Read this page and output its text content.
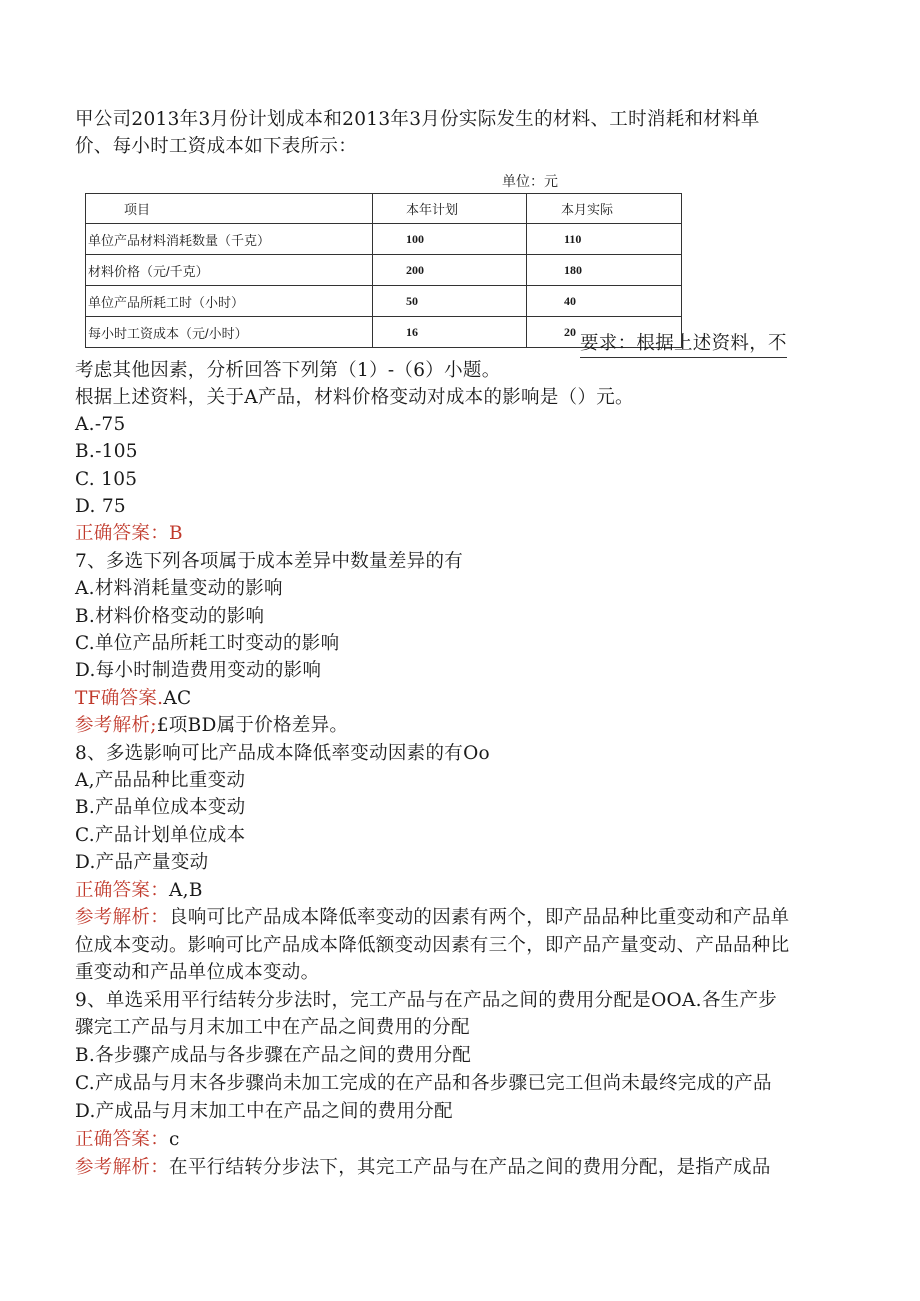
甲公司2013年3月份计划成本和2013年3月份实际发生的材料、工时消耗和材料单
价、每小时工资成本如下表所示：
单位：元
项目	本年计划	本月实际
单位产品材料消耗数量（千克）	100	110
材料价格（元/千克）	200	180
单位产品所耗工时（小时）	50	40
每小时工资成本（元/小时）	16	20
要求：根据上述资料，不
考虑其他因素，分析回答下列第（1）-（6）小题。
根据上述资料，关于A产品，材料价格变动对成本的影响是（）元。
A.-75
B.-105
C. 105
D. 75
正确答案：B
7、多选下列各项属于成本差异中数量差异的有
A.材料消耗量变动的影响
B.材料价格变动的影响
C.单位产品所耗工时变动的影响
D.每小时制造费用变动的影响
TF确答案.AC
参考解析;£项BD属于价格差异。
8、多选影响可比产品成本降低率变动因素的有Oo
A,产品品种比重变动
B.产品单位成本变动
C.产品计划单位成本
D.产品产量变动
正确答案：A,B
参考解析：良响可比产品成本降低率变动的因素有两个，即产品品种比重变动和产品单
位成本变动。影响可比产品成本降低额变动因素有三个，即产品产量变动、产品品种比
重变动和产品单位成本变动。
9、单选采用平行结转分步法时，完工产品与在产品之间的费用分配是OOA.各生产步
骤完工产品与月末加工中在产品之间费用的分配
B.各步骤产成品与各步骤在产品之间的费用分配
C.产成品与月末各步骤尚未加工完成的在产品和各步骤已完工但尚未最终完成的产品
D.产成品与月末加工中在产品之间的费用分配
正确答案：c
参考解析：在平行结转分步法下，其完工产品与在产品之间的费用分配，是指产成品
